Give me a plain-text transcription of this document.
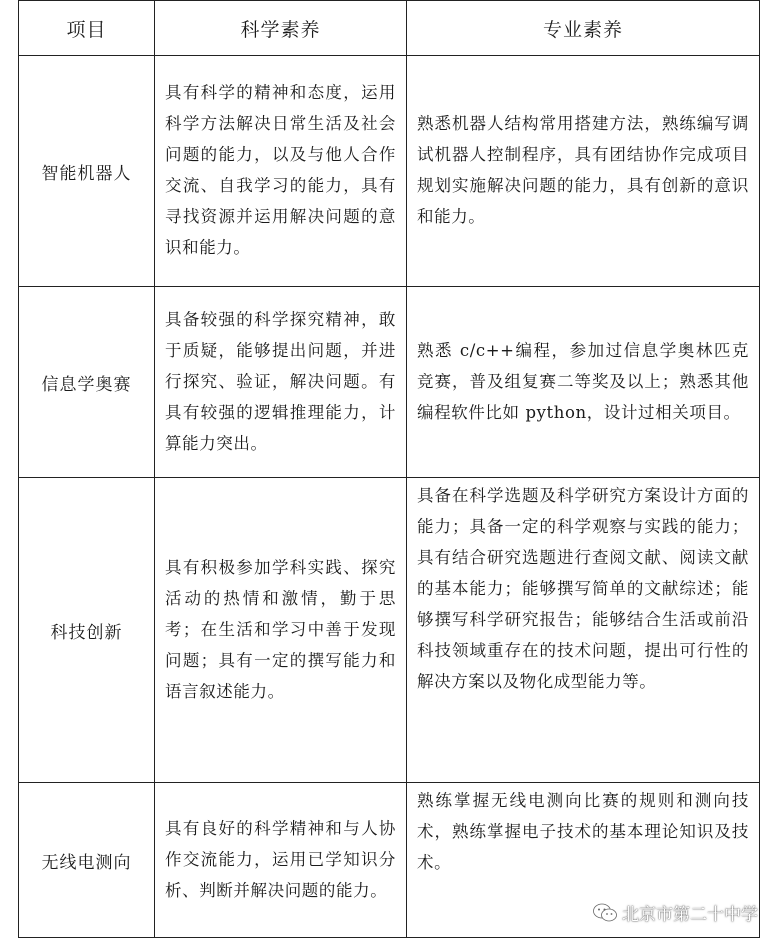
项目	科学素养	专业素养
智能机器人	具有科学的精神和态度，运用科学方法解决日常生活及社会问题的能力，以及与他人合作交流、自我学习的能力，具有寻找资源并运用解决问题的意识和能力。	熟悉机器人结构常用搭建方法，熟练编写调试机器人控制程序，具有团结协作完成项目规划实施解决问题的能力，具有创新的意识和能力。
信息学奥赛	具备较强的科学探究精神，敢于质疑，能够提出问题，并进行探究、验证，解决问题。有具有较强的逻辑推理能力，计算能力突出。	熟悉 c/c++编程，参加过信息学奥林匹克竞赛，普及组复赛二等奖及以上；熟悉其他编程软件比如 python，设计过相关项目。
科技创新	具有积极参加学科实践、探究活动的热情和激情，勤于思考；在生活和学习中善于发现问题；具有一定的撰写能力和语言叙述能力。	具备在科学选题及科学研究方案设计方面的能力；具备一定的科学观察与实践的能力；具有结合研究选题进行查阅文献、阅读文献的基本能力；能够撰写简单的文献综述；能够撰写科学研究报告；能够结合生活或前沿科技领域重存在的技术问题，提出可行性的解决方案以及物化成型能力等。
无线电测向	具有良好的科学精神和与人协作交流能力，运用已学知识分析、判断并解决问题的能力。	熟练掌握无线电测向比赛的规则和测向技术，熟练掌握电子技术的基本理论知识及技术。
北京市第二十中学
